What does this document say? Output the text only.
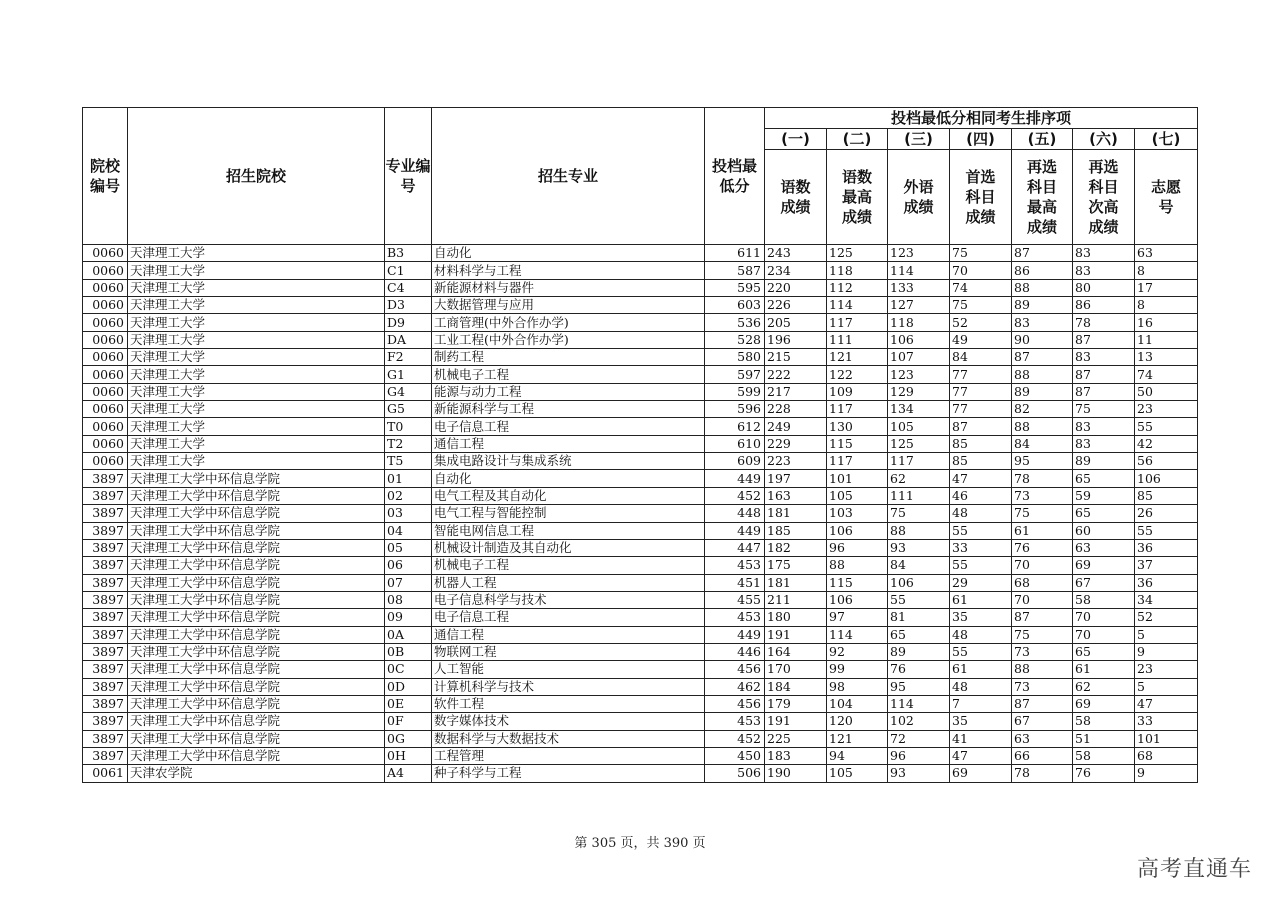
院校编号	招生院校	专业编号	招生专业	投档最低分	投档最低分相同考生排序项						
					(一)	(二)	(三)	(四)	(五)	(六)	(七)
					语数成绩	语数最高成绩	外语成绩	首选科目成绩	再选科目最高成绩	再选科目次高成绩	志愿号
0060	天津理工大学	B3	自动化	611	243	125	123	75	87	83	63
0060	天津理工大学	C1	材料科学与工程	587	234	118	114	70	86	83	8
0060	天津理工大学	C4	新能源材料与器件	595	220	112	133	74	88	80	17
0060	天津理工大学	D3	大数据管理与应用	603	226	114	127	75	89	86	8
0060	天津理工大学	D9	工商管理(中外合作办学)	536	205	117	118	52	83	78	16
0060	天津理工大学	DA	工业工程(中外合作办学)	528	196	111	106	49	90	87	11
0060	天津理工大学	F2	制药工程	580	215	121	107	84	87	83	13
0060	天津理工大学	G1	机械电子工程	597	222	122	123	77	88	87	74
0060	天津理工大学	G4	能源与动力工程	599	217	109	129	77	89	87	50
0060	天津理工大学	G5	新能源科学与工程	596	228	117	134	77	82	75	23
0060	天津理工大学	T0	电子信息工程	612	249	130	105	87	88	83	55
0060	天津理工大学	T2	通信工程	610	229	115	125	85	84	83	42
0060	天津理工大学	T5	集成电路设计与集成系统	609	223	117	117	85	95	89	56
3897	天津理工大学中环信息学院	01	自动化	449	197	101	62	47	78	65	106
3897	天津理工大学中环信息学院	02	电气工程及其自动化	452	163	105	111	46	73	59	85
3897	天津理工大学中环信息学院	03	电气工程与智能控制	448	181	103	75	48	75	65	26
3897	天津理工大学中环信息学院	04	智能电网信息工程	449	185	106	88	55	61	60	55
3897	天津理工大学中环信息学院	05	机械设计制造及其自动化	447	182	96	93	33	76	63	36
3897	天津理工大学中环信息学院	06	机械电子工程	453	175	88	84	55	70	69	37
3897	天津理工大学中环信息学院	07	机器人工程	451	181	115	106	29	68	67	36
3897	天津理工大学中环信息学院	08	电子信息科学与技术	455	211	106	55	61	70	58	34
3897	天津理工大学中环信息学院	09	电子信息工程	453	180	97	81	35	87	70	52
3897	天津理工大学中环信息学院	0A	通信工程	449	191	114	65	48	75	70	5
3897	天津理工大学中环信息学院	0B	物联网工程	446	164	92	89	55	73	65	9
3897	天津理工大学中环信息学院	0C	人工智能	456	170	99	76	61	88	61	23
3897	天津理工大学中环信息学院	0D	计算机科学与技术	462	184	98	95	48	73	62	5
3897	天津理工大学中环信息学院	0E	软件工程	456	179	104	114	7	87	69	47
3897	天津理工大学中环信息学院	0F	数字媒体技术	453	191	120	102	35	67	58	33
3897	天津理工大学中环信息学院	0G	数据科学与大数据技术	452	225	121	72	41	63	51	101
3897	天津理工大学中环信息学院	0H	工程管理	450	183	94	96	47	66	58	68
0061	天津农学院	A4	种子科学与工程	506	190	105	93	69	78	76	9
第 305 页，共 390 页
高考直通车
